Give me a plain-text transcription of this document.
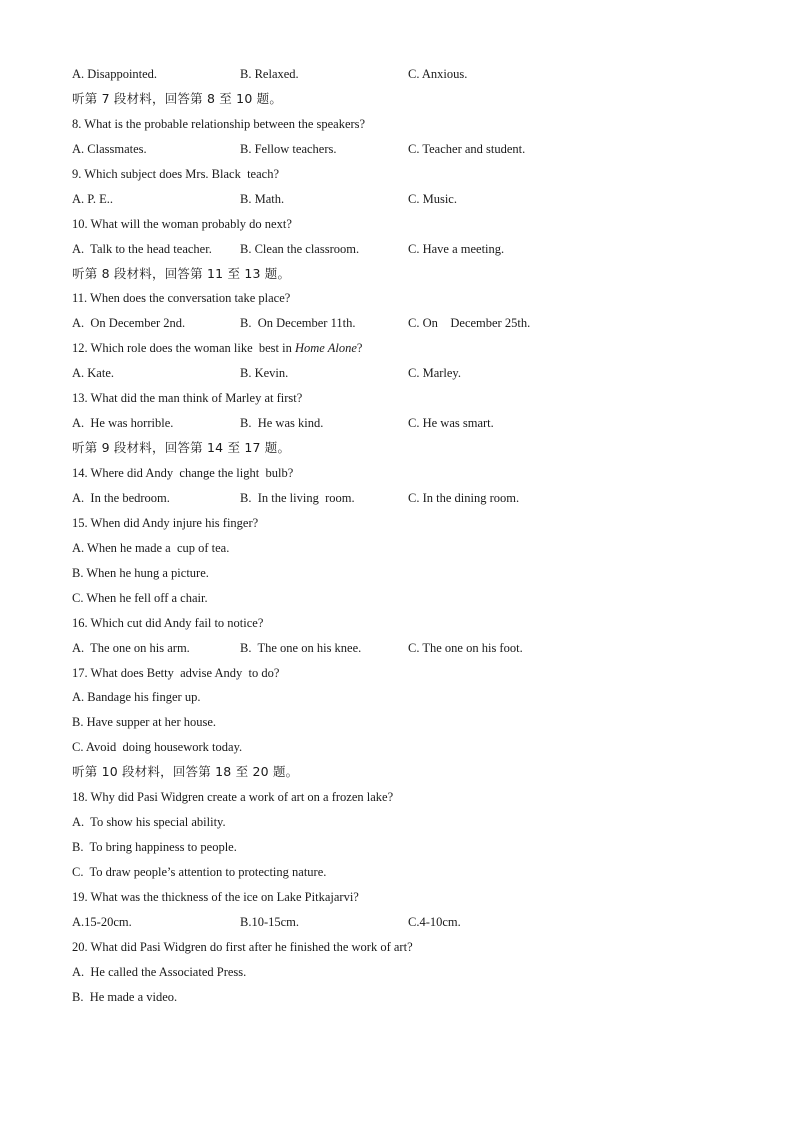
A. Disappointed.	B. Relaxed.	C. Anxious.
听第 7 段材料，回答第 8 至 10 题。
8. What is the probable relationship between the speakers?
A. Classmates.	B. Fellow teachers.	C. Teacher and student.
9. Which subject does Mrs. Black  teach?
A. P. E..	B. Math.	C. Music.
10. What will the woman probably do next?
A.  Talk to the head teacher.	B. Clean the classroom.	C. Have a meeting.
听第 8 段材料，回答第 11 至 13 题。
11. When does the conversation take place?
A.  On December 2nd.	B.  On December 11th.	C. On    December 25th.
12. Which role does the woman like  best in Home Alone?
A. Kate.	B. Kevin.	C. Marley.
13. What did the man think of Marley at first?
A.  He was horrible.	B.  He was kind.	C. He was smart.
听第 9 段材料，回答第 14 至 17 题。
14. Where did Andy  change the light  bulb?
A.  In the bedroom.	B.  In the living  room.	C. In the dining room.
15. When did Andy injure his finger?
A. When he made a  cup of tea.
B. When he hung a picture.
C. When he fell off a chair.
16. Which cut did Andy fail to notice?
A.  The one on his arm.	B.  The one on his knee.	C. The one on his foot.
17. What does Betty  advise Andy  to do?
A. Bandage his finger up.
B. Have supper at her house.
C. Avoid  doing housework today.
听第 10 段材料，回答第 18 至 20 题。
18. Why did Pasi Widgren create a work of art on a frozen lake?
A.  To show his special ability.
B.  To bring happiness to people.
C.  To draw people’s attention to protecting nature.
19. What was the thickness of the ice on Lake Pitkajarvi?
A.15-20cm.	B.10-15cm.	C.4-10cm.
20. What did Pasi Widgren do first after he finished the work of art?
A.  He called the Associated Press.
B.  He made a video.
